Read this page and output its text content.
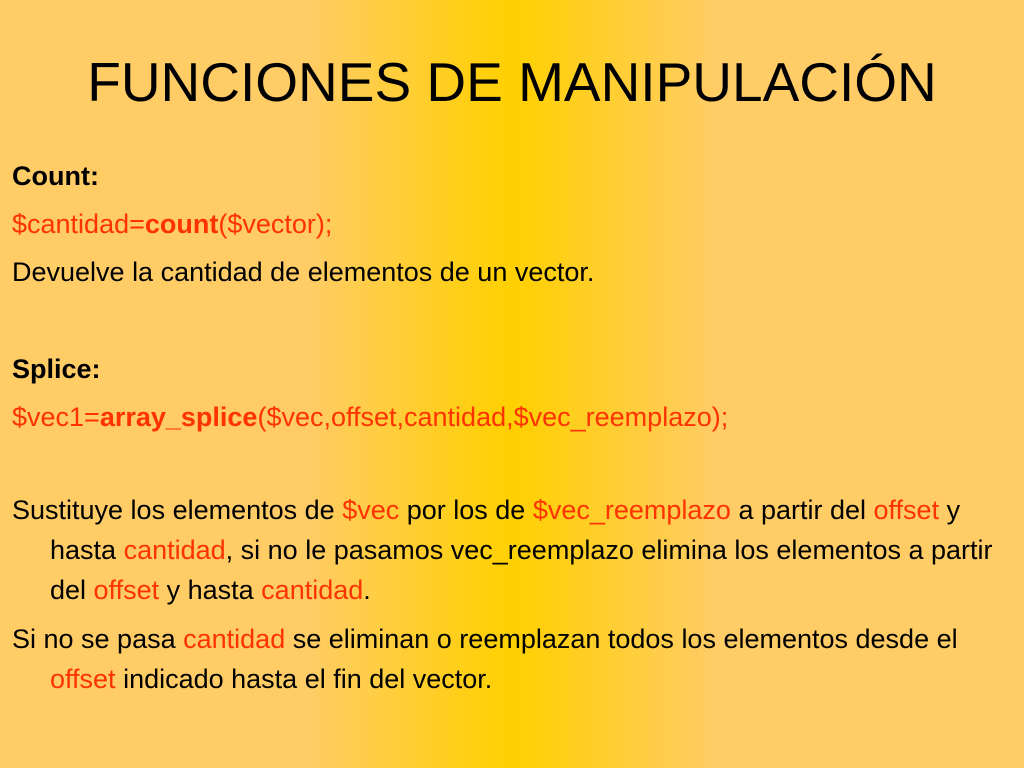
FUNCIONES DE MANIPULACIÓN
Count:
$cantidad=count($vector);
Devuelve la cantidad de elementos de un vector.
Splice:
$vec1=array_splice($vec,offset,cantidad,$vec_reemplazo);

Sustituye los elementos de $vec por los de $vec_reemplazo a partir del offset y hasta cantidad, si no le pasamos vec_reemplazo elimina los elementos a partir del offset y hasta cantidad.

Si no se pasa cantidad se eliminan o reemplazan todos los elementos desde el offset indicado hasta el fin del vector.
